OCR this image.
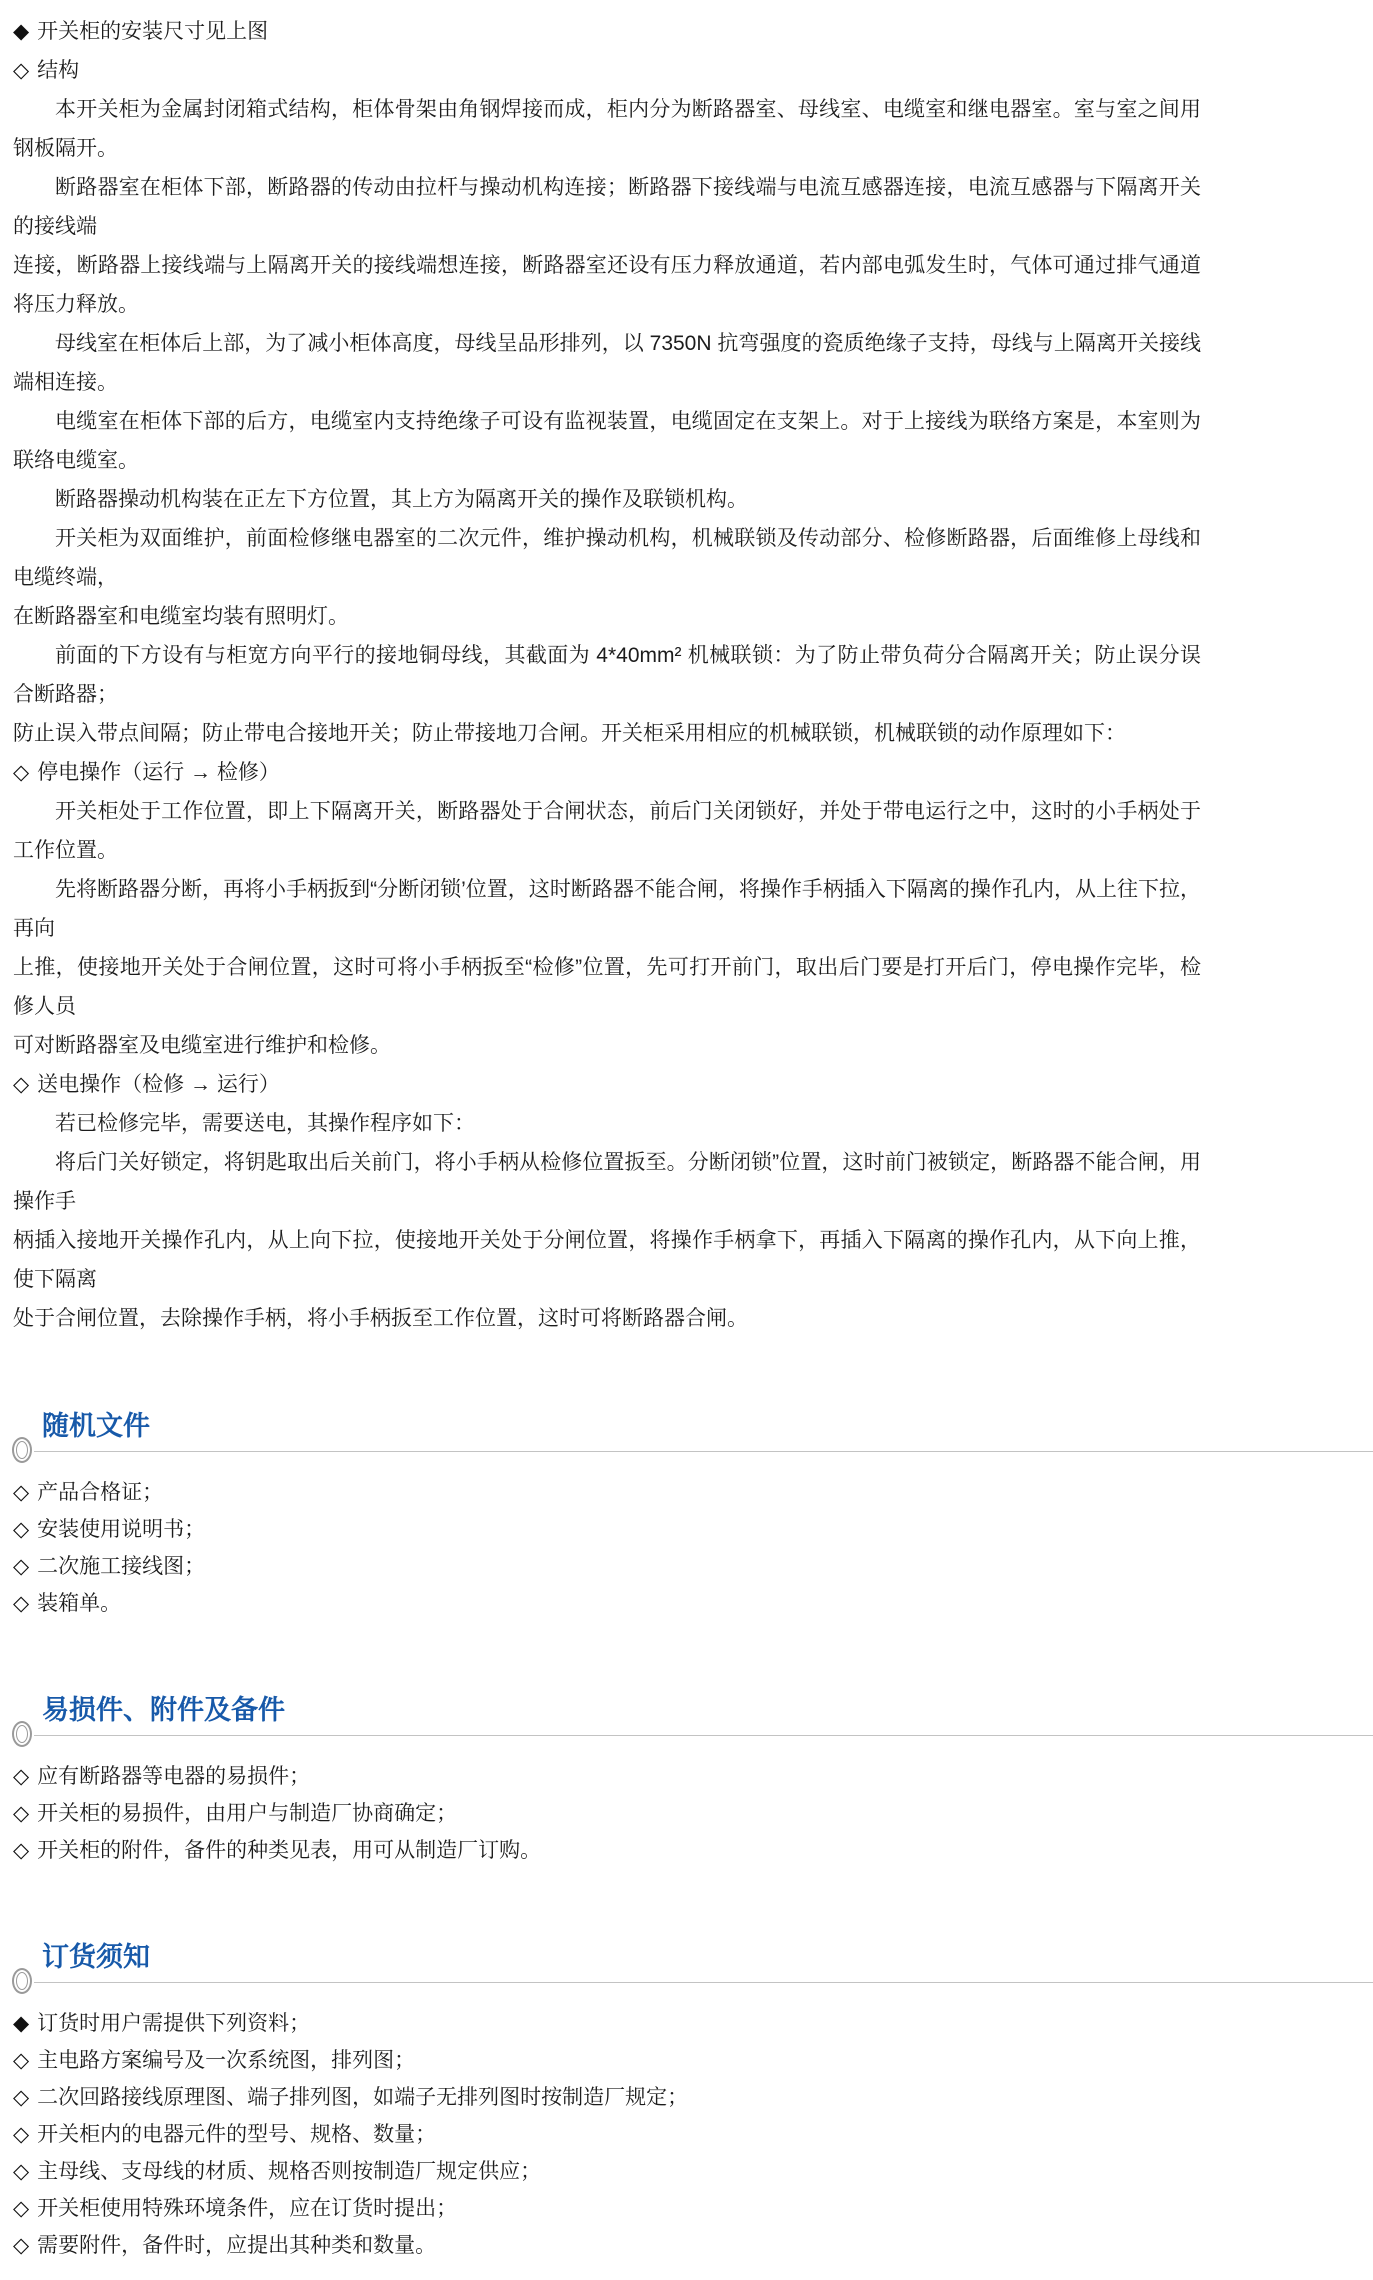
◆ 开关柜的安装尺寸见上图
◇ 结构
本开关柜为金属封闭箱式结构，柜体骨架由角钢焊接而成，柜内分为断路器室、母线室、电缆室和继电器室。室与室之间用钢板隔开。
断路器室在柜体下部，断路器的传动由拉杆与操动机构连接；断路器下接线端与电流互感器连接，电流互感器与下隔离开关的接线端
连接，断路器上接线端与上隔离开关的接线端想连接，断路器室还设有压力释放通道，若内部电弧发生时，气体可通过排气通道将压力释放。
母线室在柜体后上部，为了减小柜体高度，母线呈品形排列，以 7350N 抗弯强度的瓷质绝缘子支持，母线与上隔离开关接线端相连接。
电缆室在柜体下部的后方，电缆室内支持绝缘子可设有监视装置，电缆固定在支架上。对于上接线为联络方案是，本室则为联络电缆室。
断路器操动机构装在正左下方位置，其上方为隔离开关的操作及联锁机构。
开关柜为双面维护，前面检修继电器室的二次元件，维护操动机构，机械联锁及传动部分、检修断路器，后面维修上母线和电缆终端，
在断路器室和电缆室均装有照明灯。
前面的下方设有与柜宽方向平行的接地铜母线，其截面为 4*40mm² 机械联锁：为了防止带负荷分合隔离开关；防止误分误合断路器；
防止误入带点间隔；防止带电合接地开关；防止带接地刀合闸。开关柜采用相应的机械联锁，机械联锁的动作原理如下：
◇ 停电操作（运行 → 检修）
开关柜处于工作位置，即上下隔离开关，断路器处于合闸状态，前后门关闭锁好，并处于带电运行之中，这时的小手柄处于工作位置。
先将断路器分断，再将小手柄扳到“分断闭锁’位置，这时断路器不能合闸，将操作手柄插入下隔离的操作孔内，从上往下拉，再向
上推，使接地开关处于合闸位置，这时可将小手柄扳至“检修”位置，先可打开前门，取出后门要是打开后门，停电操作完毕，检修人员
可对断路器室及电缆室进行维护和检修。
◇ 送电操作（检修 → 运行）
若已检修完毕，需要送电，其操作程序如下：
将后门关好锁定，将钥匙取出后关前门，将小手柄从检修位置扳至。分断闭锁”位置，这时前门被锁定，断路器不能合闸，用操作手
柄插入接地开关操作孔内，从上向下拉，使接地开关处于分闸位置，将操作手柄拿下，再插入下隔离的操作孔内，从下向上推，使下隔离
处于合闸位置，去除操作手柄，将小手柄扳至工作位置，这时可将断路器合闸。
随机文件
◇ 产品合格证；
◇ 安装使用说明书；
◇ 二次施工接线图；
◇ 装箱单。
易损件、附件及备件
◇ 应有断路器等电器的易损件；
◇ 开关柜的易损件，由用户与制造厂协商确定；
◇ 开关柜的附件，备件的种类见表，用可从制造厂订购。
订货须知
◆ 订货时用户需提供下列资料；
◇ 主电路方案编号及一次系统图，排列图；
◇ 二次回路接线原理图、端子排列图，如端子无排列图时按制造厂规定；
◇ 开关柜内的电器元件的型号、规格、数量；
◇ 主母线、支母线的材质、规格否则按制造厂规定供应；
◇ 开关柜使用特殊环境条件，应在订货时提出；
◇ 需要附件，备件时，应提出其种类和数量。
